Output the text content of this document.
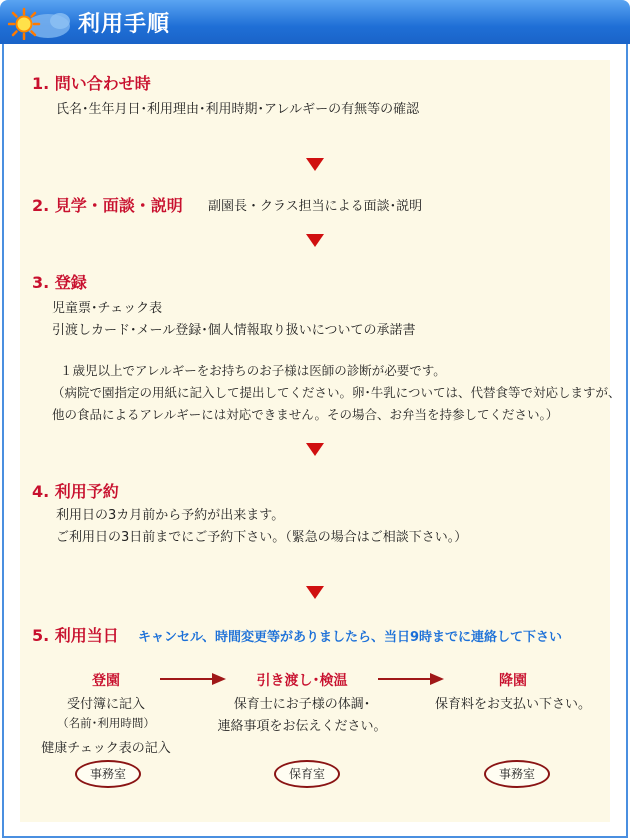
利用手順
1. 問い合わせ時
氏名･生年月日･利用理由･利用時期･アレルギーの有無等の確認
2. 見学・面談・説明 副園長・クラス担当による面談･説明
3. 登録
児童票･チェック表
引渡しカード･メール登録･個人情報取り扱いについての承諾書
１歳児以上でアレルギーをお持ちのお子様は医師の診断が必要です。
（病院で園指定の用紙に記入して提出してください。卵･牛乳については、代替食等で対応しますが、
他の食品によるアレルギーには対応できません。その場合、お弁当を持参してください。）
4. 利用予約
利用日の3カ月前から予約が出来ます。
ご利用日の3日前までにご予約下さい。（緊急の場合はご相談下さい。）
5. 利用当日 キャンセル、時間変更等がありましたら、当日9時までに連絡して下さい
登園
受付簿に記入
（名前･利用時間）
健康チェック表の記入
事務室
引き渡し･検温
保育士にお子様の体調･
連絡事項をお伝えください。
保育室
降園
保育料をお支払い下さい。
事務室
